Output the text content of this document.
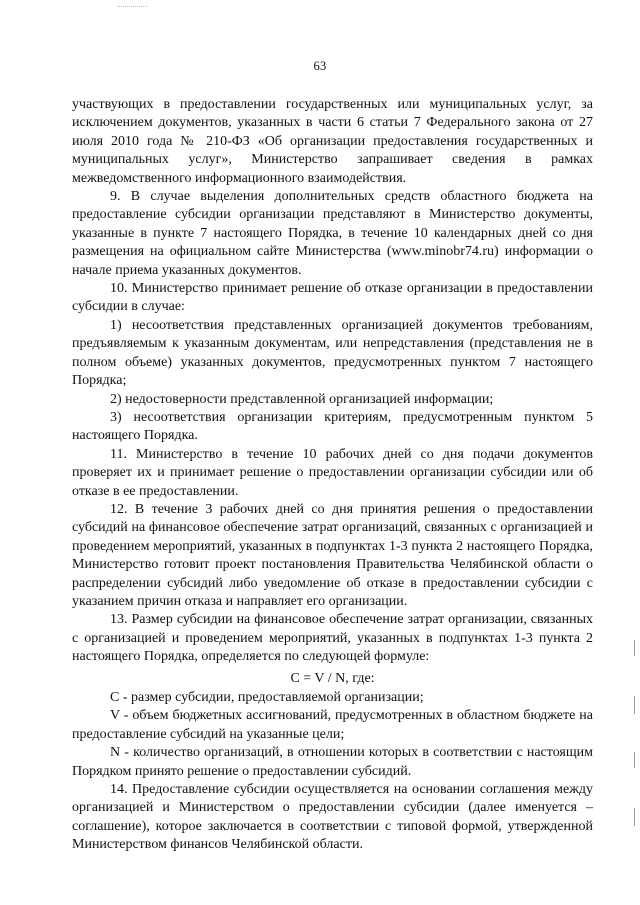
63

участвующих в предоставлении государственных или муниципальных услуг, за исключением документов, указанных в части 6 статьи 7 Федерального закона от 27 июля 2010 года № 210-ФЗ «Об организации предоставления государственных и муниципальных услуг», Министерство запрашивает сведения в рамках межведомственного информационного взаимодействия.

9. В случае выделения дополнительных средств областного бюджета на предоставление субсидии организации представляют в Министерство документы, указанные в пункте 7 настоящего Порядка, в течение 10 календарных дней со дня размещения на официальном сайте Министерства (www.minobr74.ru) информации о начале приема указанных документов.

10. Министерство принимает решение об отказе организации в предоставлении субсидии в случае:

1) несоответствия представленных организацией документов требованиям, предъявляемым к указанным документам, или непредставления (представления не в полном объеме) указанных документов, предусмотренных пунктом 7 настоящего Порядка;

2) недостоверности представленной организацией информации;

3) несоответствия организации критериям, предусмотренным пунктом 5 настоящего Порядка.

11. Министерство в течение 10 рабочих дней со дня подачи документов проверяет их и принимает решение о предоставлении организации субсидии или об отказе в ее предоставлении.

12. В течение 3 рабочих дней со дня принятия решения о предоставлении субсидий на финансовое обеспечение затрат организаций, связанных с организацией и проведением мероприятий, указанных в подпунктах 1-3 пункта 2 настоящего Порядка, Министерство готовит проект постановления Правительства Челябинской области о распределении субсидий либо уведомление об отказе в предоставлении субсидии с указанием причин отказа и направляет его организации.

13. Размер субсидии на финансовое обеспечение затрат организации, связанных с организацией и проведением мероприятий, указанных в подпунктах 1-3 пункта 2 настоящего Порядка, определяется по следующей формуле:

C = V / N, где:

C - размер субсидии, предоставляемой организации;

V - объем бюджетных ассигнований, предусмотренных в областном бюджете на предоставление субсидий на указанные цели;

N - количество организаций, в отношении которых в соответствии с настоящим Порядком принято решение о предоставлении субсидий.

14. Предоставление субсидии осуществляется на основании соглашения между организацией и Министерством о предоставлении субсидии (далее именуется – соглашение), которое заключается в соответствии с типовой формой, утвержденной Министерством финансов Челябинской области.
